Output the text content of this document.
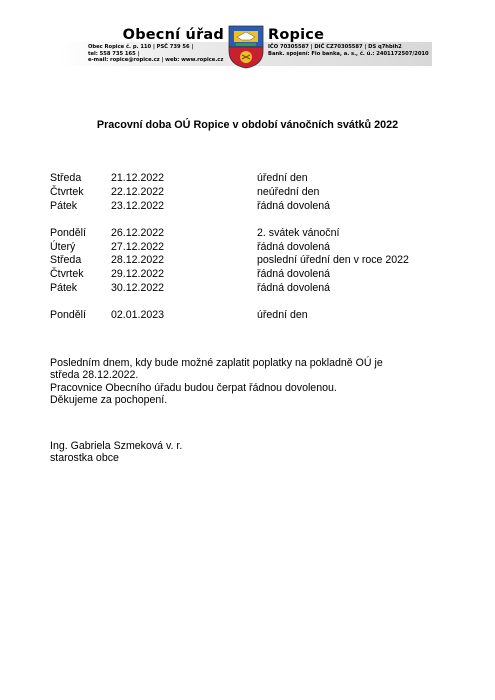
Obecní úřad	Ropice
Obec Ropice č. p. 110 | PSČ 739 56 |
tel: 558 735 165 |
e-mail: ropice@ropice.cz | web: www.ropice.cz
IČO 70305587 | DIČ CZ70305587 | DS q7hbih2
Bank. spojení: Fio banka, a. s., č. ú.: 2401172507/2010
Pracovní doba OÚ Ropice v období vánočních svátků 2022
Středa	21.12.2022	úřední den
Čtvrtek	22.12.2022	neúřední den
Pátek	23.12.2022	řádná dovolená
Pondělí 26.12.2022	2. svátek vánoční
Úterý	27.12.2022	řádná dovolená
Středa	28.12.2022	poslední úřední den v roce 2022
Čtvrtek	29.12.2022	řádná dovolená
Pátek	30.12.2022	řádná dovolená
Pondělí 02.01.2023	úřední den
Posledním dnem, kdy bude možné zaplatit poplatky na pokladně OÚ je
středa 28.12.2022.
Pracovnice Obecního úřadu budou čerpat řádnou dovolenou.
Děkujeme za pochopení.
Ing. Gabriela Szmeková v. r.
starostka obce
